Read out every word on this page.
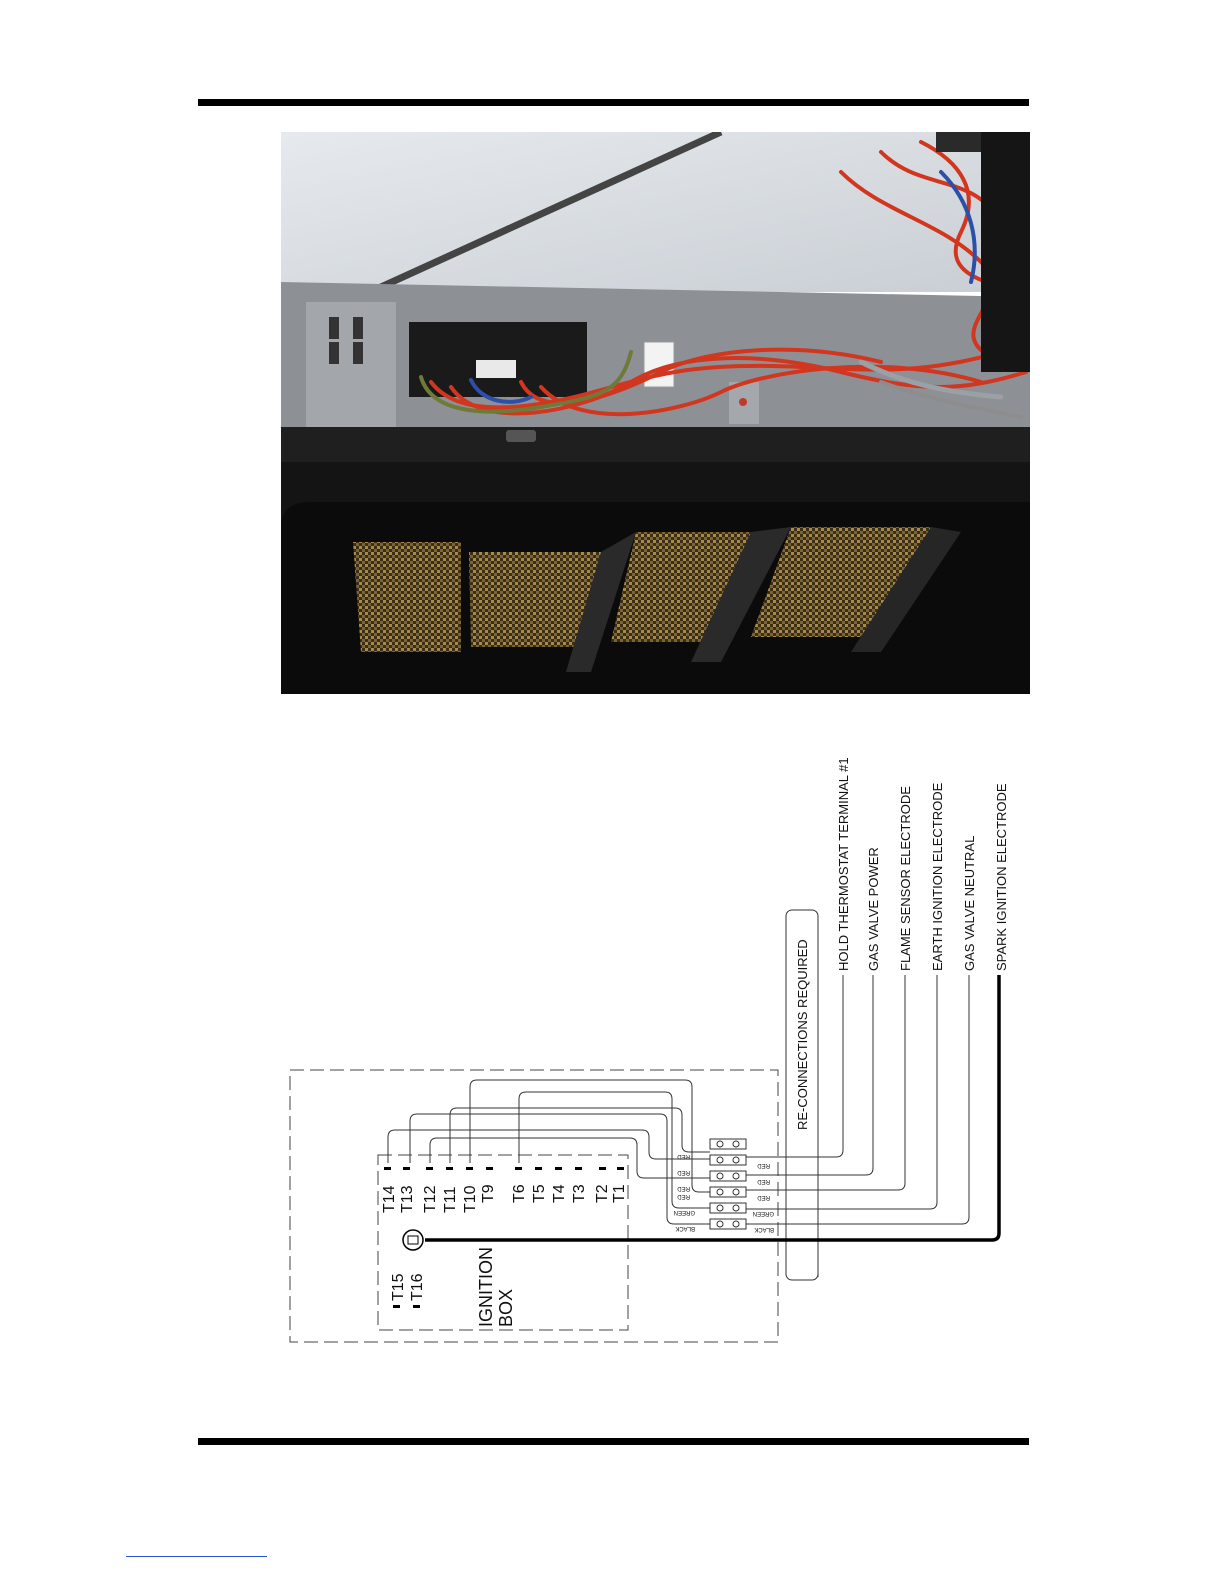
RE-CONNECTIONS REQUIRED
HOLD THERMOSTAT TERMINAL #1 GAS VALVE POWER FLAME SENSOR ELECTRODE EARTH IGNITION ELECTRODE GAS VALVE NEUTRAL SPARK IGNITION ELECTRODE
RED
RED
RED
RED
GREEN
BLACK
RED
RED
RED
GREEN
BLACK
T14 T13 T12 T11 T10 T9 T6 T5 T4 T3 T2 T1
T15 T16	IGNITION BOX
